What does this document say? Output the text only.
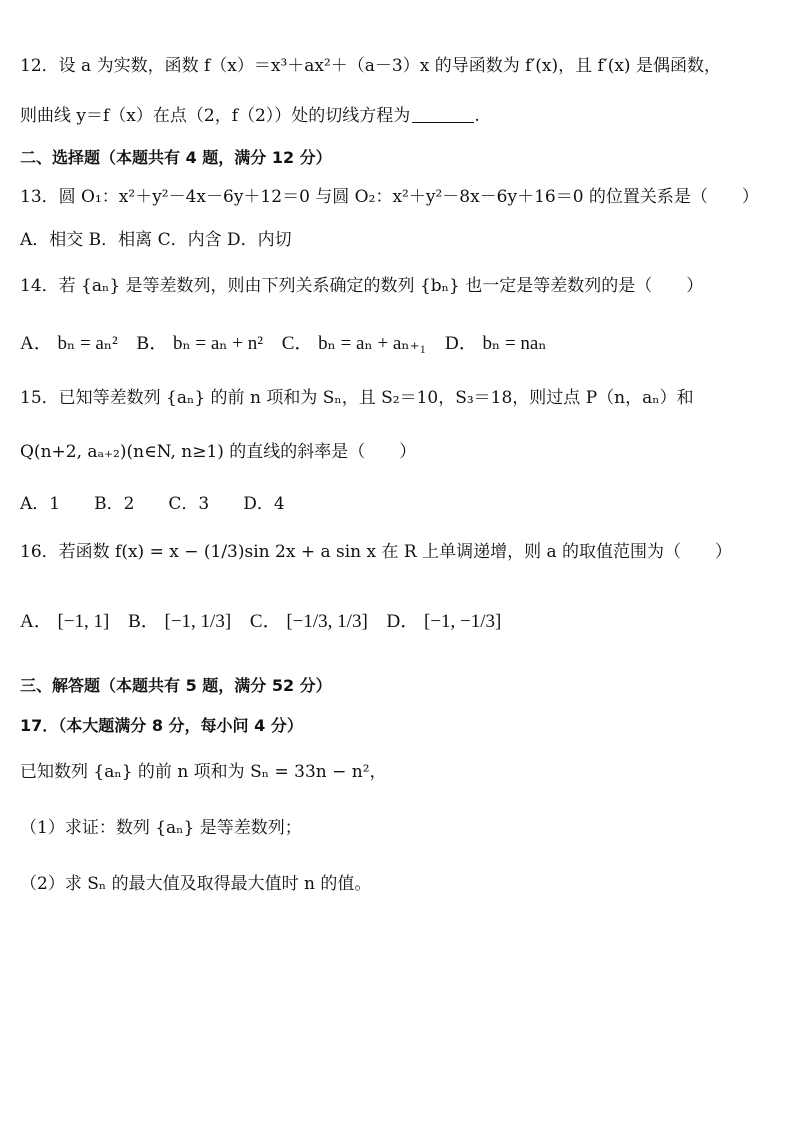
12．设 a 为实数，函数 f（x）＝x³＋ax²＋（a－3）x 的导函数为 f′(x)，且 f′(x) 是偶函数，
则曲线 y＝f（x）在点（2，f（2））处的切线方程为	.
二、选择题（本题共有 4 题，满分 12 分）
13．圆 O₁：x²＋y²－4x－6y＋12＝0 与圆 O₂：x²＋y²－8x－6y＋16＝0 的位置关系是（　　）
A．相交 B．相离 C．内含 D．内切
14．若 {aₙ} 是等差数列，则由下列关系确定的数列 {bₙ} 也一定是等差数列的是（　　）
A． bₙ = aₙ² B． bₙ = aₙ + n² C． bₙ = aₙ + aₙ₊₁ D． bₙ = naₙ
15．已知等差数列 {aₙ} 的前 n 项和为 Sₙ，且 S₂＝10，S₃＝18，则过点 P（n，aₙ）和
Q(n+2, aₐ₊₂)(n∈N, n≥1) 的直线的斜率是（　　）
A．1　　B．2　　C．3　　D．4
16．若函数 f(x) = x − (1/3)sin 2x + a sin x 在 R 上单调递增，则 a 的取值范围为（　　）
A． [−1, 1] B． [−1, 1/3] C． [−1/3, 1/3] D． [−1, −1/3]
三、解答题（本题共有 5 题，满分 52 分）
17．（本大题满分 8 分，每小问 4 分）
已知数列 {aₙ} 的前 n 项和为 Sₙ = 33n − n²，
（1）求证：数列 {aₙ} 是等差数列；
（2）求 Sₙ 的最大值及取得最大值时 n 的值。
